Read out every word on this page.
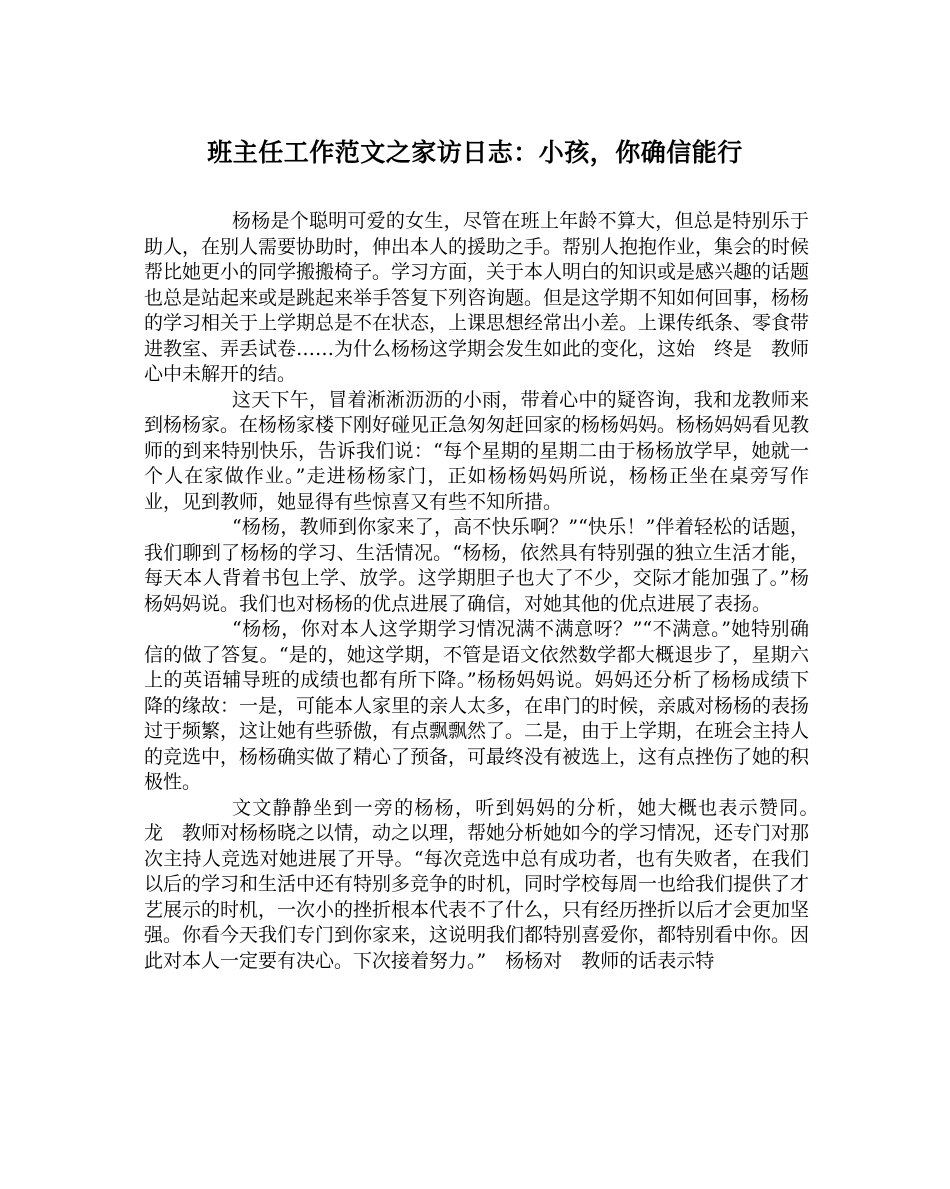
班主任工作范文之家访日志：小孩，你确信能行

杨杨是个聪明可爱的女生，尽管在班上年龄不算大，但总是特别乐于助人，在别人需要协助时，伸出本人的援助之手。帮别人抱抱作业，集会的时候帮比她更小的同学搬搬椅子。学习方面，关于本人明白的知识或是感兴趣的话题也总是站起来或是跳起来举手答复下列咨询题。但是这学期不知如何回事，杨杨的学习相关于上学期总是不在状态，上课思想经常出小差。上课传纸条、零食带进教室、弄丢试卷……为什么杨杨这学期会发生如此的变化，这始　终是　教师心中未解开的结。

这天下午，冒着淅淅沥沥的小雨，带着心中的疑咨询，我和龙教师来到杨杨家。在杨杨家楼下刚好碰见正急匆匆赶回家的杨杨妈妈。杨杨妈妈看见教师的到来特别快乐，告诉我们说：“每个星期的星期二由于杨杨放学早，她就一个人在家做作业。”走进杨杨家门，正如杨杨妈妈所说，杨杨正坐在桌旁写作业，见到教师，她显得有些惊喜又有些不知所措。

“杨杨，教师到你家来了，高不快乐啊？”“快乐！”伴着轻松的话题，我们聊到了杨杨的学习、生活情况。“杨杨，依然具有特别强的独立生活才能，每天本人背着书包上学、放学。这学期胆子也大了不少，交际才能加强了。”杨杨妈妈说。我们也对杨杨的优点进展了确信，对她其他的优点进展了表扬。

“杨杨，你对本人这学期学习情况满不满意呀？”“不满意。”她特别确信的做了答复。“是的，她这学期，不管是语文依然数学都大概退步了，星期六上的英语辅导班的成绩也都有所下降。”杨杨妈妈说。妈妈还分析了杨杨成绩下降的缘故：一是，可能本人家里的亲人太多，在串门的时候，亲戚对杨杨的表扬过于频繁，这让她有些骄傲，有点飘飘然了。二是，由于上学期，在班会主持人的竞选中，杨杨确实做了精心了预备，可最终没有被选上，这有点挫伤了她的积极性。

文文静静坐到一旁的杨杨，听到妈妈的分析，她大概也表示赞同。　龙　教师对杨杨晓之以情，动之以理，帮她分析她如今的学习情况，还专门对那次主持人竞选对她进展了开导。“每次竞选中总有成功者，也有失败者，在我们以后的学习和生活中还有特别多竞争的时机，同时学校每周一也给我们提供了才艺展示的时机，一次小的挫折根本代表不了什么，只有经历挫折以后才会更加坚强。你看今天我们专门到你家来，这说明我们都特别喜爱你，都特别看中你。因此对本人一定要有决心。下次接着努力。”　杨杨对　教师的话表示特
